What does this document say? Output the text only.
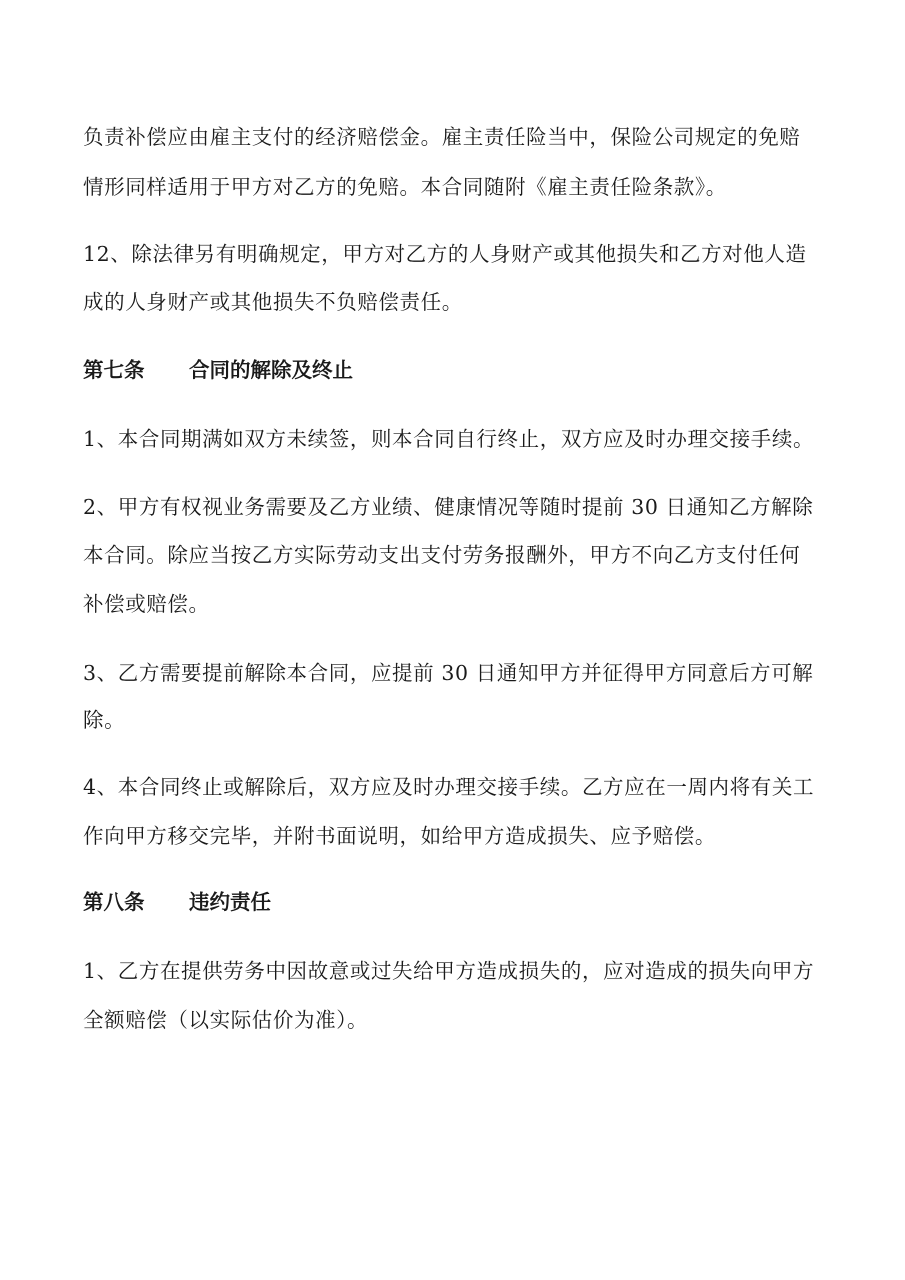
负责补偿应由雇主支付的经济赔偿金。雇主责任险当中，保险公司规定的免赔
情形同样适用于甲方对乙方的免赔。本合同随附《雇主责任险条款》。
12、除法律另有明确规定，甲方对乙方的人身财产或其他损失和乙方对他人造
成的人身财产或其他损失不负赔偿责任。
第七条 合同的解除及终止
1、本合同期满如双方未续签，则本合同自行终止，双方应及时办理交接手续。
2、甲方有权视业务需要及乙方业绩、健康情况等随时提前 30 日通知乙方解除
本合同。除应当按乙方实际劳动支出支付劳务报酬外，甲方不向乙方支付任何
补偿或赔偿。
3、乙方需要提前解除本合同，应提前 30 日通知甲方并征得甲方同意后方可解
除。
4、本合同终止或解除后，双方应及时办理交接手续。乙方应在一周内将有关工
作向甲方移交完毕，并附书面说明，如给甲方造成损失、应予赔偿。
第八条 违约责任
1、乙方在提供劳务中因故意或过失给甲方造成损失的，应对造成的损失向甲方
全额赔偿（以实际估价为准）。
